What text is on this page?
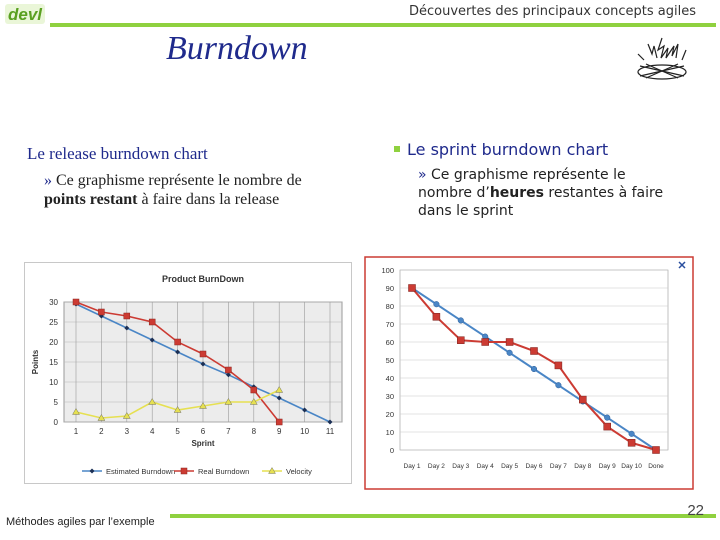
devl	Découvertes des principaux concepts agiles
Burndown
Le release burndown chart
» Ce graphisme représente le nombre de points restant à faire dans la release
Le sprint burndown chart
» Ce graphisme représente le nombre d’heures restantes à faire dans le sprint
Product BurnDown
0
5
10
15
20
25
30
1	2	3	4	5	6	7	8	9 10 11
Sprint
Points
Estimated Burndown	Real Burndown	Velocity
0
10
20
30
40
50
60
70
80
90
100
Day 1 Day 2 Day 3 Day 4 Day 5 Day 6 Day 7 Day 8 Day 9 Day 10 Done
Méthodes agiles par l’exemple
22
